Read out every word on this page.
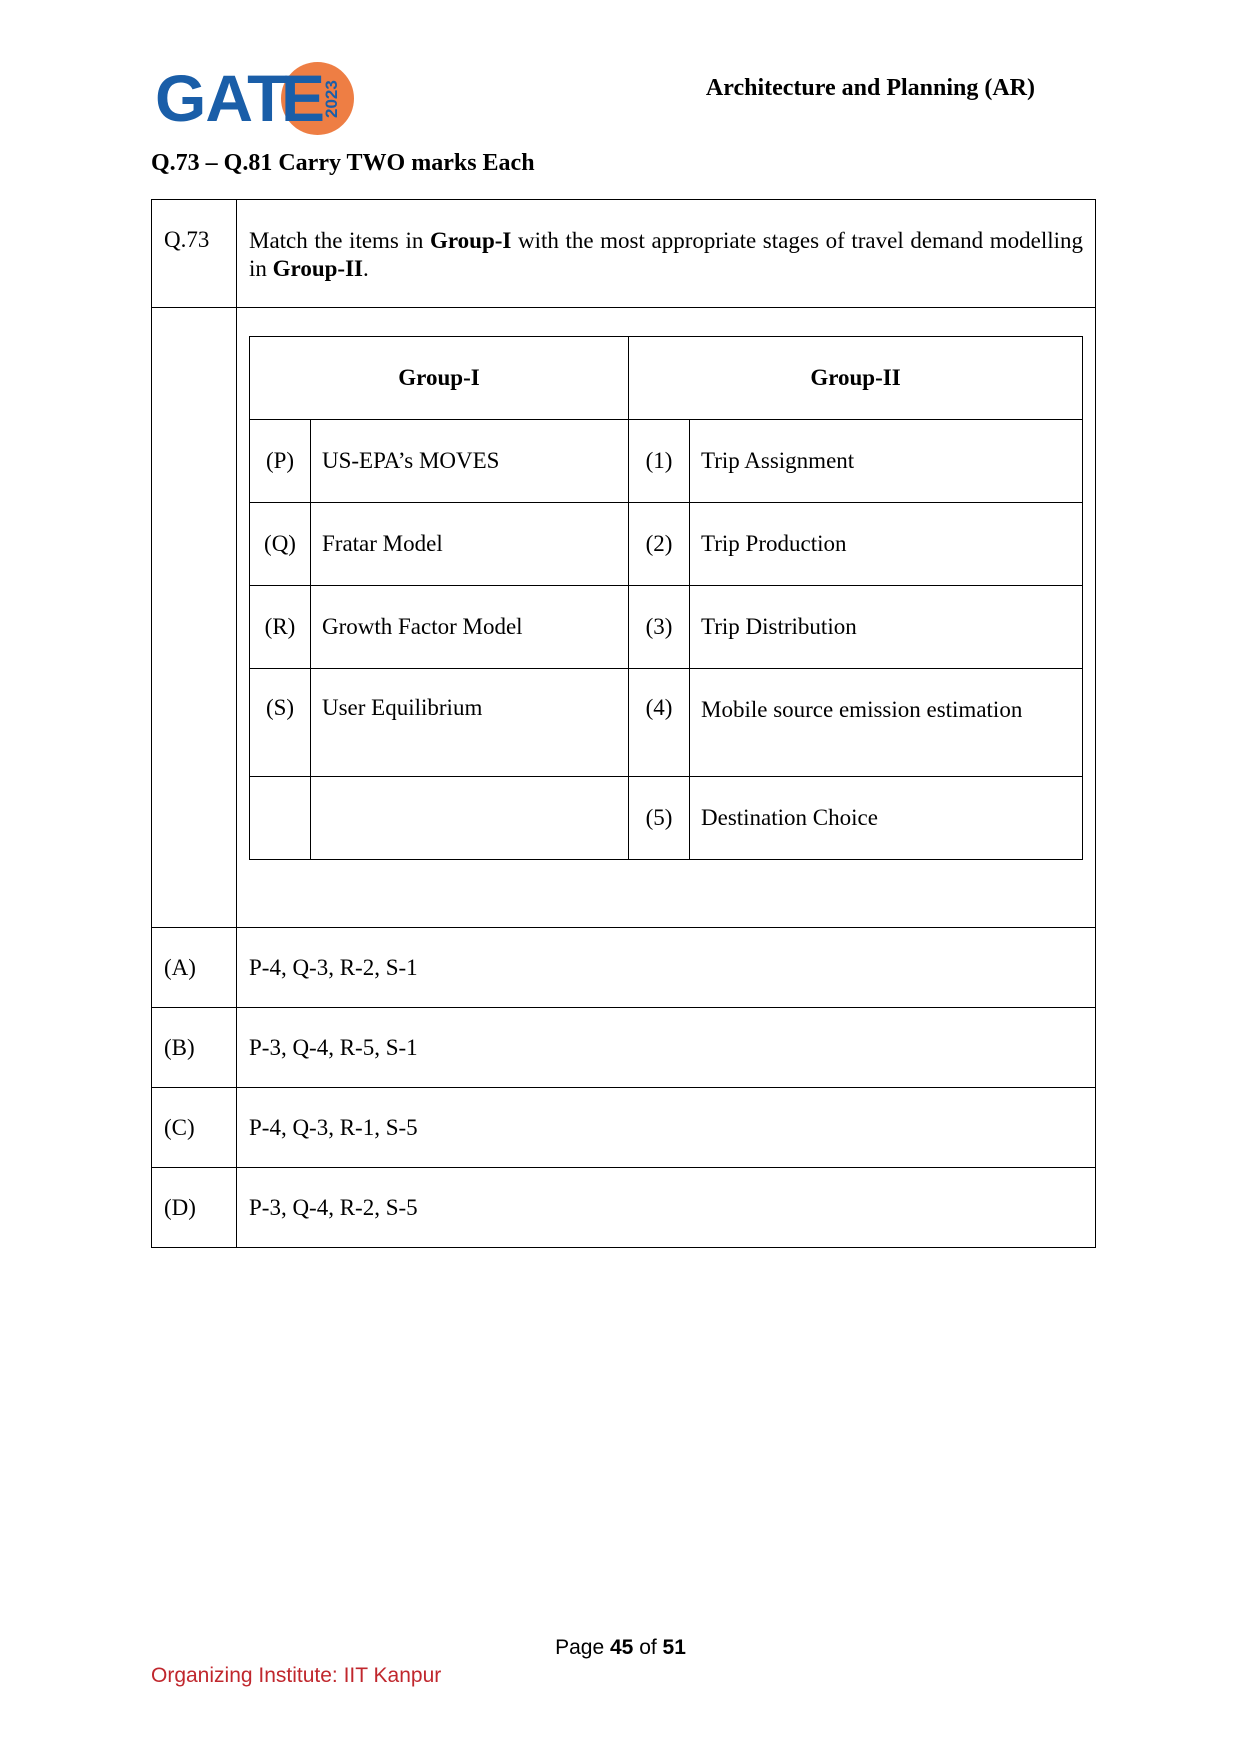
GAT
E
2023	Architecture and Planning (AR)
Q.73 – Q.81 Carry TWO marks Each
Q.73	Match the items in Group-I with the most appropriate stages of travel demand modelling in Group-II.

Group-I	Group-II
(P)	US-EPA’s MOVES	(1)	Trip Assignment
(Q)	Fratar Model	(2)	Trip Production
(R)	Growth Factor Model	(3)	Trip Distribution
(S)	User Equilibrium	(4)	Mobile source emission estimation
		(5)	Destination Choice

(A)	P-4, Q-3, R-2, S-1
(B)	P-3, Q-4, R-5, S-1
(C)	P-4, Q-3, R-1, S-5
(D)	P-3, Q-4, R-2, S-5
Page 45 of 51
Organizing Institute: IIT Kanpur
